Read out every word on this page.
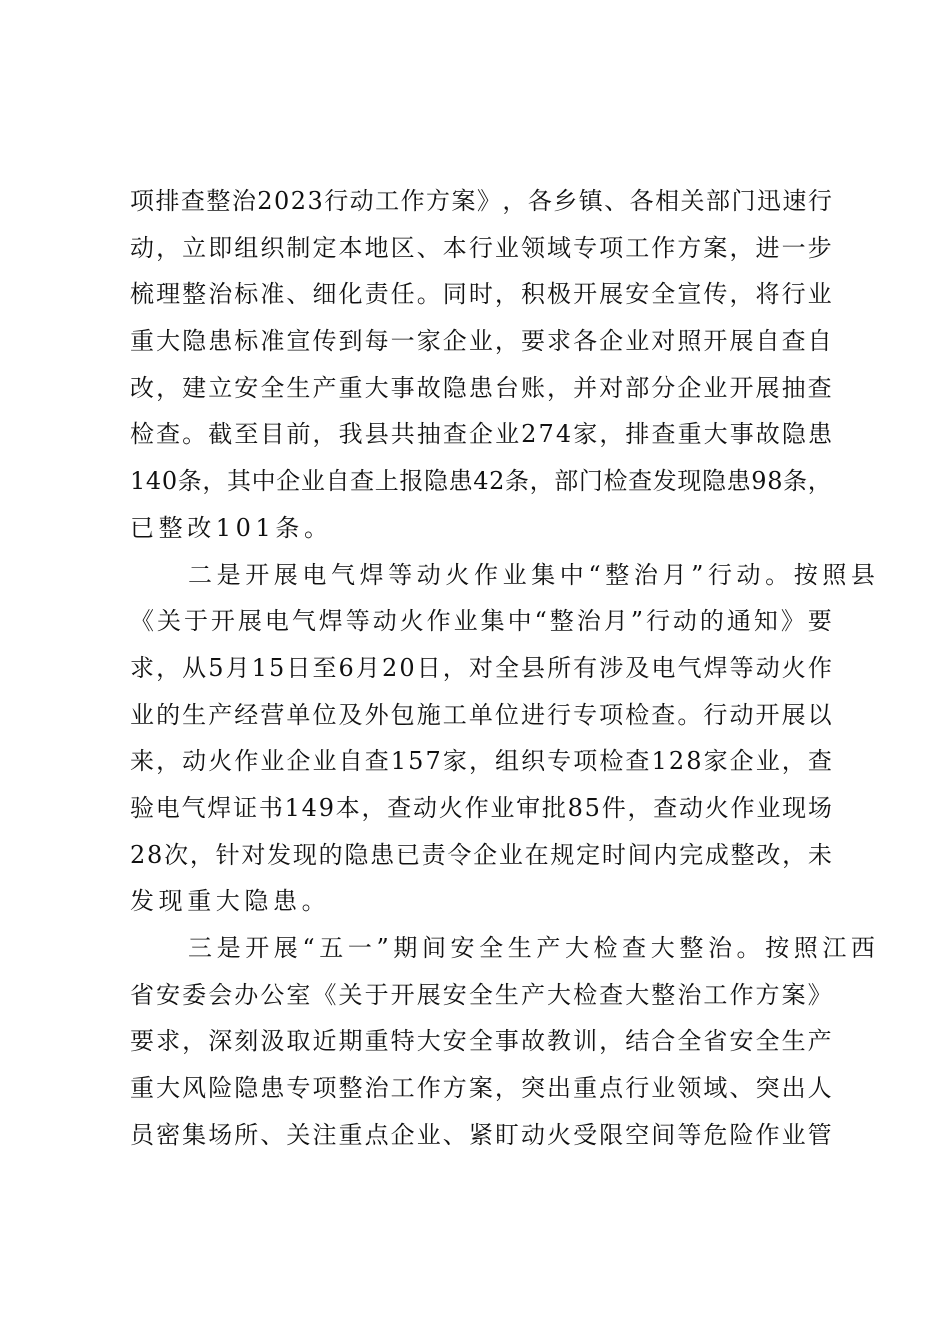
项 排 查 整 治 2 0 2 3 行 动 工 作 方 案 》 ， 各 乡 镇 、 各 相 关 部 门 迅 速 行
动 ， 立 即 组 织 制 定 本 地 区 、 本 行 业 领 域 专 项 工 作 方 案 ， 进 一 步
梳 理 整 治 标 准 、 细 化 责 任 。 同 时 ， 积 极 开 展 安 全 宣 传 ， 将 行 业
重 大 隐 患 标 准 宣 传 到 每 一 家 企 业 ， 要 求 各 企 业 对 照 开 展 自 查 自
改 ， 建 立 安 全 生 产 重 大 事 故 隐 患 台 账 ， 并 对 部 分 企 业 开 展 抽 查
检 查 。 截 至 目 前 ， 我 县 共 抽 查 企 业 2 7 4 家 ， 排 查 重 大 事 故 隐 患
1 4 0 条 ， 其 中 企 业 自 查 上 报 隐 患 4 2 条 ， 部 门 检 查 发 现 隐 患 9 8 条 ，
已整改101条。
二是开展电气焊等动火作业集中“整治月”行动。按照县
《 关 于 开 展 电 气 焊 等 动 火 作 业 集 中 “ 整 治 月 ” 行 动 的 通 知 》 要
求 ， 从 5 月 1 5 日 至 6 月 2 0 日 ， 对 全 县 所 有 涉 及 电 气 焊 等 动 火 作
业 的 生 产 经 营 单 位 及 外 包 施 工 单 位 进 行 专 项 检 查 。 行 动 开 展 以
来 ， 动 火 作 业 企 业 自 查 1 5 7 家 ， 组 织 专 项 检 查 1 2 8 家 企 业 ， 查
验 电 气 焊 证 书 1 4 9 本 ， 查 动 火 作 业 审 批 8 5 件 ， 查 动 火 作 业 现 场
2 8 次 ， 针 对 发 现 的 隐 患 已 责 令 企 业 在 规 定 时 间 内 完 成 整 改 ， 未
发现重大隐患。
三是开展“五一”期间安全生产大检查大整治。按照江西
省 安 委 会 办 公 室 《 关 于 开 展 安 全 生 产 大 检 查 大 整 治 工 作 方 案 》
要 求 ， 深 刻 汲 取 近 期 重 特 大 安 全 事 故 教 训 ， 结 合 全 省 安 全 生 产
重 大 风 险 隐 患 专 项 整 治 工 作 方 案 ， 突 出 重 点 行 业 领 域 、 突 出 人
员 密 集 场 所 、 关 注 重 点 企 业 、 紧 盯 动 火 受 限 空 间 等 危 险 作 业 管
